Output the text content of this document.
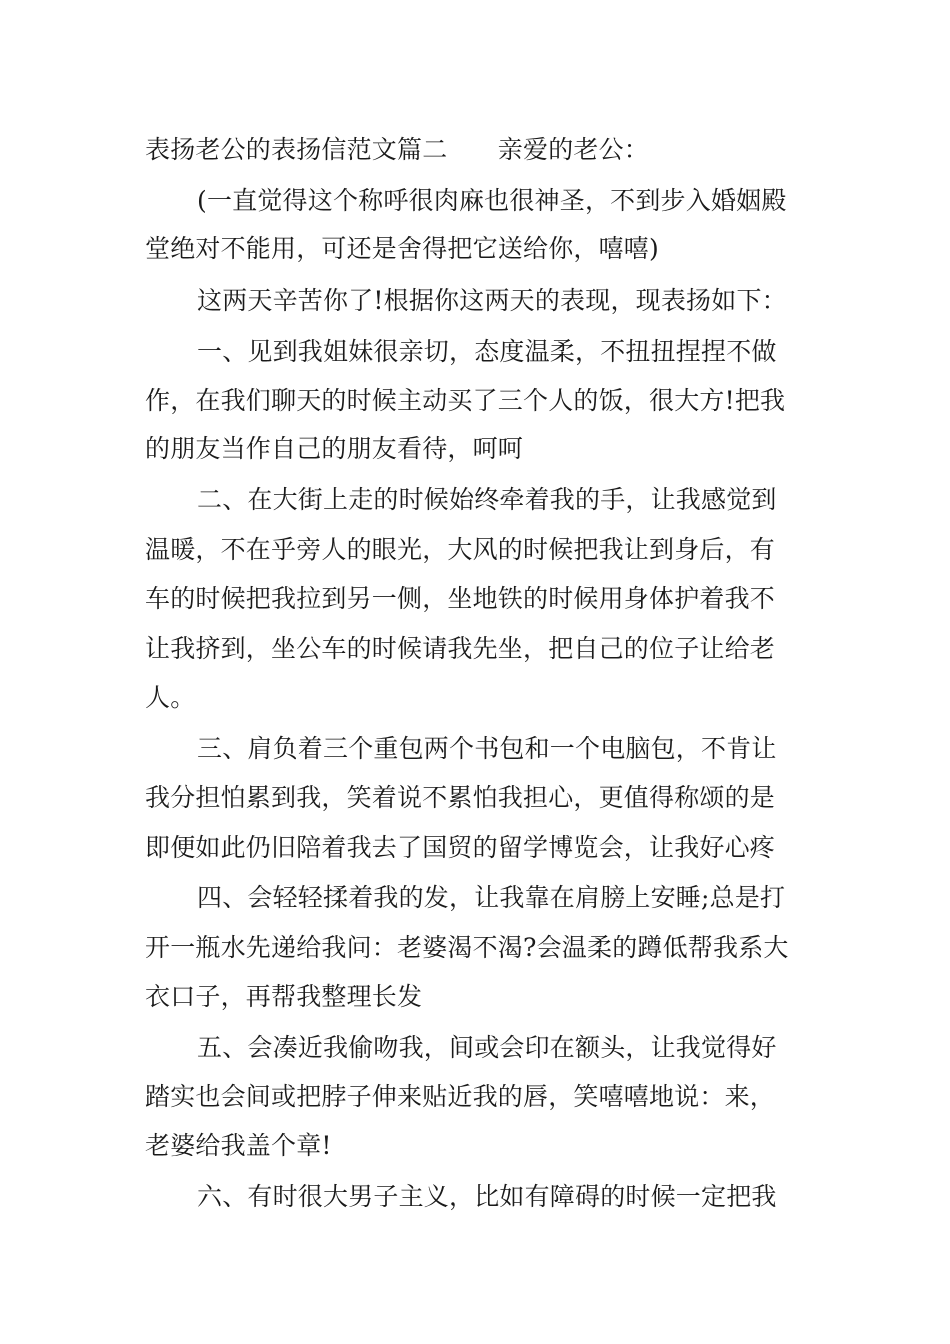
表扬老公的表扬信范文篇二　　亲爱的老公：
(一直觉得这个称呼很肉麻也很神圣，不到步入婚姻殿
堂绝对不能用，可还是舍得把它送给你，嘻嘻)
这两天辛苦你了!根据你这两天的表现，现表扬如下：
一、见到我姐妹很亲切，态度温柔，不扭扭捏捏不做
作，在我们聊天的时候主动买了三个人的饭，很大方!把我
的朋友当作自己的朋友看待，呵呵
二、在大街上走的时候始终牵着我的手，让我感觉到
温暖，不在乎旁人的眼光，大风的时候把我让到身后，有
车的时候把我拉到另一侧，坐地铁的时候用身体护着我不
让我挤到，坐公车的时候请我先坐，把自己的位子让给老
人。
三、肩负着三个重包两个书包和一个电脑包，不肯让
我分担怕累到我，笑着说不累怕我担心，更值得称颂的是
即便如此仍旧陪着我去了国贸的留学博览会，让我好心疼
四、会轻轻揉着我的发，让我靠在肩膀上安睡;总是打
开一瓶水先递给我问：老婆渴不渴?会温柔的蹲低帮我系大
衣口子，再帮我整理长发
五、会凑近我偷吻我，间或会印在额头，让我觉得好
踏实也会间或把脖子伸来贴近我的唇，笑嘻嘻地说：来，
老婆给我盖个章!
六、有时很大男子主义，比如有障碍的时候一定把我
